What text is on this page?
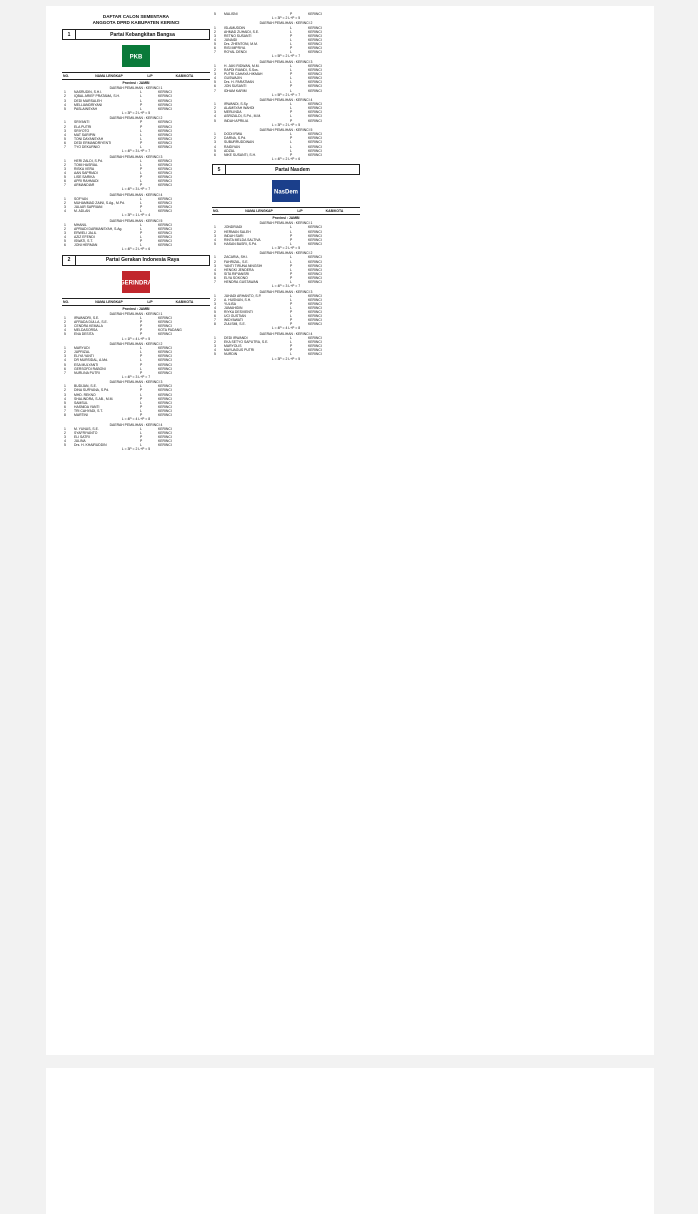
DAFTAR CALON SEMENTARA
ANGGOTA DPRD KABUPATEN KERINCI
1	Partai Kebangkitan Bangsa
PKB
NO.	NAMA LENGKAP	L/P	KAB/KOTA
Provinsi : JAMBI
DAERAH PEMILIHAN : KERINCI 1
1	NASRUDIN, S.H.I.	L	KERINCI
2	IQBAL ARIEF PRATAMA, S.H.	L	KERINCI
3	DEDI MARSALEH	L	KERINCI
4	MELLIANDRIYANI	P	KERINCI
5	PASLAINSYAH	L	KERINCI
L = 3P = 2 L+P = 5
DAERAH PEMILIHAN : KERINCI 2
1	SRIYANTI	P	KERINCI
2	ELA PUTRI	P	KERINCI
3	SRIYOTO	L	KERINCI
4	MAT SARIPIN	L	KERINCI
5	TONI DAYANSYAH	L	KERINCI
6	DEDI ERMANDRIYENTI	P	KERINCI
7	TYO DEKURNIO	L	KERINCI
L = 4P = 3 L+P = 7
DAERAH PEMILIHAN : KERINCI 3
1	HERI ZALDI, S.Pd.	L	KERINCI
2	TOMI HASRIAL	L	KERINCI
3	RISKA VERA	P	KERINCI
4	AAN SAPRIADI	L	KERINCI
5	LISE SARIKA	P	KERINCI
6	APRI RAHMADI	L	KERINCI
7	ARMANDIAR	P	KERINCI
L = 4P = 3 L+P = 7
DAERAH PEMILIHAN : KERINCI 4
1	SOFYAN	L	KERINCI
2	MUHAMMAD ZAINI, S.Ag., M.Pd.	L	KERINCI
3	JULIAR SAPRIANI	P	KERINCI
4	M. ADLAN	L	KERINCI
L = 3P = 1 L+P = 4
DAERAH PEMILIHAN : KERINCI 5
1	MHANIL	L	KERINCI
2	APRIADI DARMANSYAH, S.Ag.	L	KERINCI
3	ERWELI JALIL	P	KERINCI
4	AZIZ EFENDI	L	KERINCI
5	ISWATI, S.T.	P	KERINCI
6	JONI HERMAN	L	KERINCI
L = 4P = 2 L+P = 6
2	Partai Gerakan Indonesia Raya
GERINDRA
NO.	NAMA LENGKAP	L/P	KAB/KOTA
Provinsi : JAMBI
DAERAH PEMILIHAN : KERINCI 1
1	IRWANDRI, S.E.	L	KERINCI
2	AFRADA DULLA, S.E.	P	KERINCI
3	CENDRA KEMALA	P	KERINCI
4	MELDASORSA	P	KOTA PADANG
5	ENA DESITA	P	KERINCI
L = 1P = 4 L+P = 5
DAERAH PEMILIHAN : KERINCI 2
1	MARYUDI	L	KERINCI
2	JUPRIZAL	L	KERINCI
3	ELIYA YANTI	P	KERINCI
4	DR MURSIDAL, A.Md.	L	KERINCI
5	ESA MULYANTI	P	KERINCI
6	GERSOFDI RABONI	L	KERINCI
7	NURLINA PUTRI	P	KERINCI
L = 4P = 3 L+P = 7
DAERAH PEMILIHAN : KERINCI 3
1	BUDIJAN, S.E.	L	KERINCI
2	DINA SURYANA, S.Pd.	P	KERINCI
3	MHD. REKNO	L	KERINCI
4	SHALINDRA, S.AB., M.M.	P	KERINCI
5	SAMSUL	L	KERINCI
6	HASNIDA YANTI	P	KERINCI
7	TRI CAHYADI, S.T.	L	KERINCI
8	MARTINI	P	KERINCI
L = 4P = 4 L+P = 8
DAERAH PEMILIHAN : KERINCI 4
1	M. YUNUS, S.E.	L	KERINCI
2	SYAFRIYANTO	L	KERINCI
3	ELI SATRI	P	KERINCI
4	JULINA	P	KERINCI
5	Drs. H. KHAIRUDDIN	L	KERINCI
L = 3P = 2 L+P = 5
5	MALISNI	P	KERINCI
L = 3P = 2 L+P = 5
DAERAH PEMILIHAN : KERINCI 2
1	ISLAMUDDIN	L	KERINCI
2	AHMAD ZUHAIDI, S.E.	L	KERINCI
3	RETNO SUSANTI	P	KERINCI
4	JUNAIDI	L	KERINCI
5	Drs. ZHENTONI, M.M.	L	KERINCI
6	RISI IMPRIYA	P	KERINCI
7	ROYAL DENDI	L	KERINCI
L = 5P = 2 L+P = 7
DAERAH PEMILIHAN : KERINCI 3
1	H. JAKI RIDWAN, M.M.	L	KERINCI
2	RAPDI RIANDI, S.Sos.	L	KERINCI
3	PUTRI CAHAYA HIKMAH	P	KERINCI
4	GUSWAJIN	L	KERINCI
5	Drs. H. PARATMAN	L	KERINCI
6	JON SUSANTI	P	KERINCI
7	IDHAM KARIM	L	KERINCI
L = 5P = 2 L+P = 7
DAERAH PEMILIHAN : KERINCI 4
1	IRWANDI, S.Sy.	L	KERINCI
2	ALAMSYAH WAHDI	L	KERINCI
3	MERLINDA	P	KERINCI
4	ASRIZALDI, S.Pd., M.M.	L	KERINCI
5	INDAH APRILIA	P	KERINCI
L = 3P = 2 L+P = 5
DAERAH PEMILIHAN : KERINCI 5
1	DODI IRWA	L	KERINCI
2	DARNA, S.Pd.	P	KERINCI
3	SUBURRUDDINAN	L	KERINCI
4	RAIDIYAN	L	KERINCI
5	ADZAL	L	KERINCI
6	NIKE SUSANTI, S.H.	P	KERINCI
L = 4P = 2 L+P = 6
5	Partai Nasdem
NasDem
NO.	NAMA LENGKAP	L/P	KAB/KOTA
Provinsi : JAMBI
DAERAH PEMILIHAN : KERINCI 1
1	JONDRIADI	L	KERINCI
2	HERMAN SALEH	L	KERINCI
3	INDAH SARI	P	KERINCI
4	RINTA MELDA SALTIVA	P	KERINCI
5	HASAN BASRI, S.Pd.	L	KERINCI
L = 3P = 2 L+P = 5
DAERAH PEMILIHAN : KERINCI 2
1	ZACARIA, SH.I.	L	KERINCI
2	FAHRIZAL, S.E.	L	KERINCI
3	YANTI TIRUNA NINGSIH	P	KERINCI
4	HENGKI JENDERA	L	KERINCI
5	SITA RIPIANSRI	P	KERINCI
6	ELYA SOKONO	P	KERINCI
7	HENDRA GUSTAWAN	L	KERINCI
L = 4P = 3 L+P = 7
DAERAH PEMILIHAN : KERINCI 3
1	JUHADI ARHANTO, S.P.	L	KERINCI
2	A. HUSNUN, S.H.	L	KERINCI
3	YULISA	P	KERINCI
4	JUMAHIDIN	L	KERINCI
5	RIYKA DESVIENTI	P	KERINCI
6	UCI GUSTIAN	L	KERINCI
7	WIDYAWATI	P	KERINCI
8	ZULISMI, S.E.	P	KERINCI
L = 4P = 4 L+P = 8
DAERAH PEMILIHAN : KERINCI 4
1	DEDI IRWANDI	L	KERINCI
2	EKA SETYO SAPUTRA, S.E.	L	KERINCI
3	MARYOLIS	P	KERINCI
4	MAYUAGUS PUTRI	P	KERINCI
5	NURDIN	L	KERINCI
L = 3P = 2 L+P = 5
